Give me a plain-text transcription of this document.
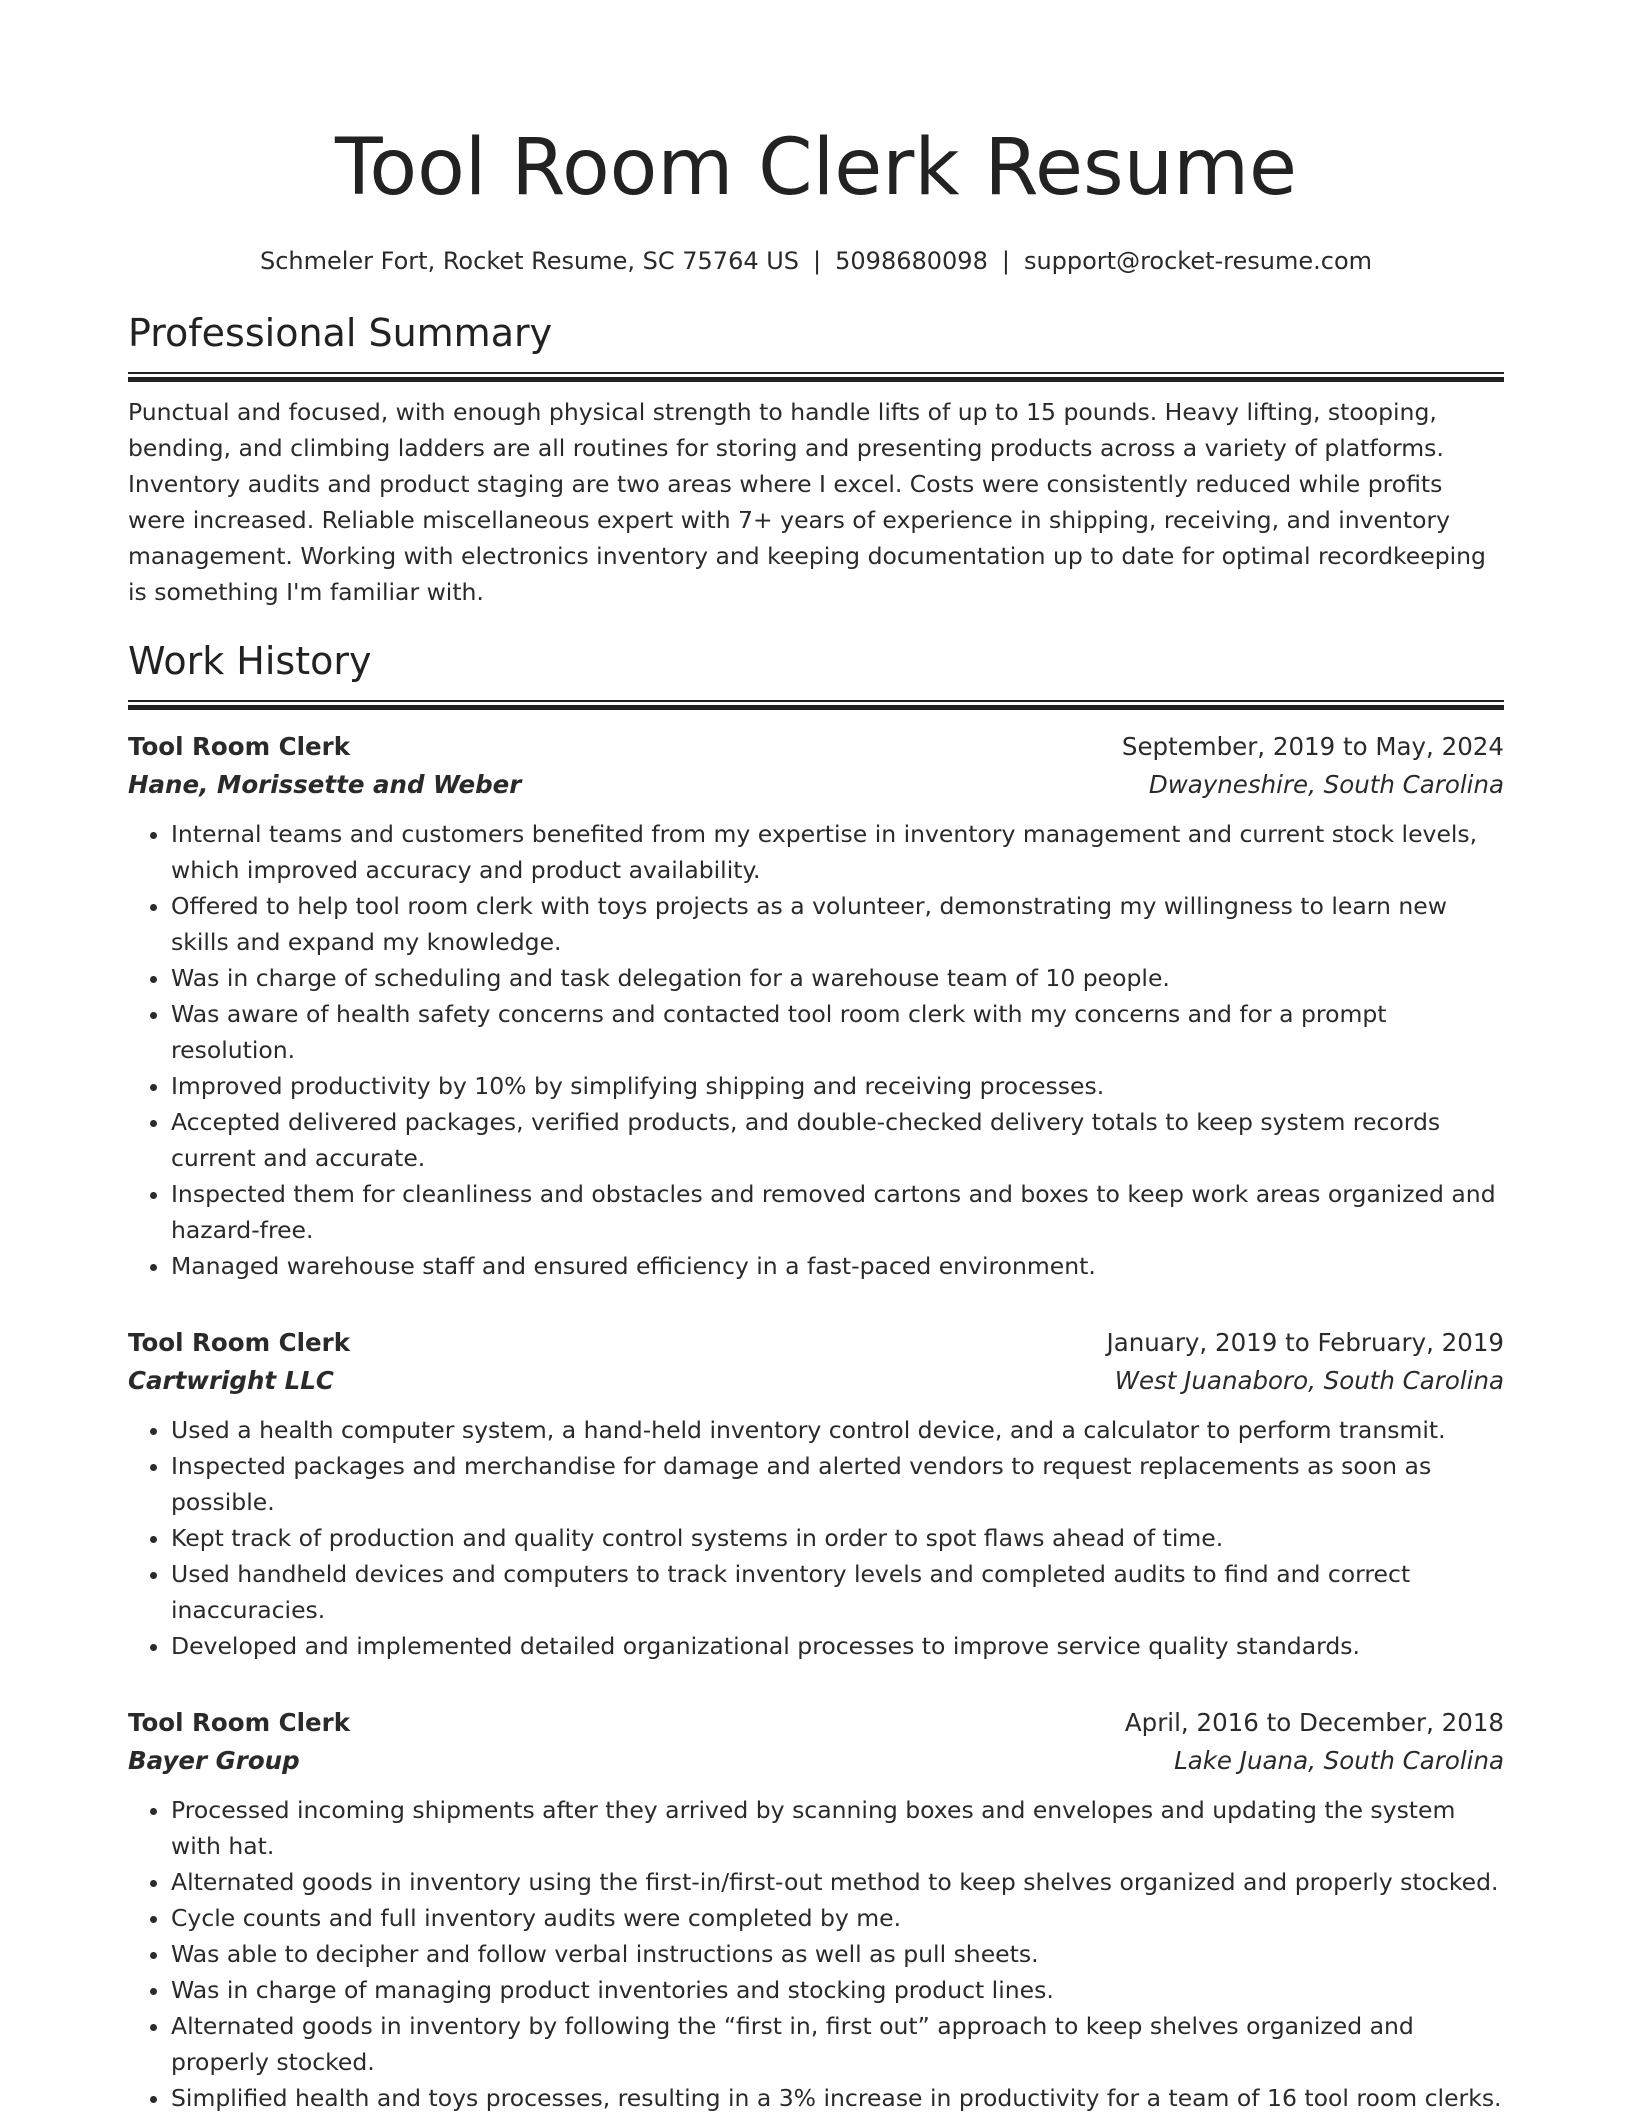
Tool Room Clerk Resume
Schmeler Fort, Rocket Resume, SC 75764 US | 5098680098 | support@rocket-resume.com
Professional Summary

Punctual and focused, with enough physical strength to handle lifts of up to 15 pounds. Heavy lifting, stooping, bending, and climbing ladders are all routines for storing and presenting products across a variety of platforms. Inventory audits and product staging are two areas where I excel. Costs were consistently reduced while profits were increased. Reliable miscellaneous expert with 7+ years of experience in shipping, receiving, and inventory management. Working with electronics inventory and keeping documentation up to date for optimal recordkeeping is something I'm familiar with.

Work History
Tool Room Clerk	September, 2019 to May, 2024
Hane, Morissette and Weber	Dwayneshire, South Carolina
• Internal teams and customers benefited from my expertise in inventory management and current stock levels, which improved accuracy and product availability.
• Offered to help tool room clerk with toys projects as a volunteer, demonstrating my willingness to learn new skills and expand my knowledge.
• Was in charge of scheduling and task delegation for a warehouse team of 10 people.
• Was aware of health safety concerns and contacted tool room clerk with my concerns and for a prompt resolution.
• Improved productivity by 10% by simplifying shipping and receiving processes.
• Accepted delivered packages, verified products, and double-checked delivery totals to keep system records current and accurate.
• Inspected them for cleanliness and obstacles and removed cartons and boxes to keep work areas organized and hazard-free.
• Managed warehouse staff and ensured efficiency in a fast-paced environment.
Tool Room Clerk	January, 2019 to February, 2019
Cartwright LLC	West Juanaboro, South Carolina
• Used a health computer system, a hand-held inventory control device, and a calculator to perform transmit.
• Inspected packages and merchandise for damage and alerted vendors to request replacements as soon as possible.
• Kept track of production and quality control systems in order to spot flaws ahead of time.
• Used handheld devices and computers to track inventory levels and completed audits to find and correct inaccuracies.
• Developed and implemented detailed organizational processes to improve service quality standards.
Tool Room Clerk	April, 2016 to December, 2018
Bayer Group	Lake Juana, South Carolina
• Processed incoming shipments after they arrived by scanning boxes and envelopes and updating the system with hat.
• Alternated goods in inventory using the first-in/first-out method to keep shelves organized and properly stocked.
• Cycle counts and full inventory audits were completed by me.
• Was able to decipher and follow verbal instructions as well as pull sheets.
• Was in charge of managing product inventories and stocking product lines.
• Alternated goods in inventory by following the “first in, first out” approach to keep shelves organized and properly stocked.
• Simplified health and toys processes, resulting in a 3% increase in productivity for a team of 16 tool room clerks.
